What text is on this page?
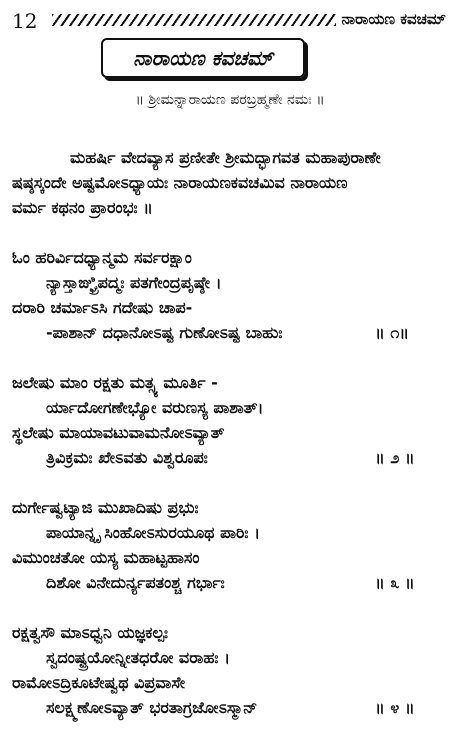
12	ನಾರಾಯಣ ಕವಚಮ್
ನಾರಾಯಣ ಕವಚಮ್
॥ ಶ್ರೀಮನ್ನಾರಾಯಣ ಪರಬ್ರಹ್ಮಣೇ ನಮಃ ॥
ಮಹರ್ಷಿ ವೇದವ್ಯಾಸ ಪ್ರಣೀತೇ ಶ್ರೀಮದ್ಭಾಗವತ ಮಹಾಪುರಾಣೇ
ಷಷ್ಠಸ್ಕಂದೇ ಅಷ್ಟಮೋಽಧ್ಯಾಯಃ ನಾರಾಯಣಕವಚಮಿವ ನಾರಾಯಣ
ವರ್ಮ ಕಥನಂ ಪ್ರಾರಂಭಃ ॥
ಓಂ ಹರಿರ್ವಿದಧ್ಯಾನ್ಮಮ ಸರ್ವರಕ್ಷಾಂ
ನ್ಯಾಸ್ತಾಙ್ಘ್ರಿಪದ್ಮಃ ಪತಗೇಂದ್ರಪೃಷ್ಠೇ ।
ದರಾರಿ ಚರ್ಮಾಽಸಿ ಗದೇಷು ಚಾಪ-
-ಪಾಶಾನ್ ದಧಾನೋಽಷ್ಟ ಗುಣೋಽಷ್ಟ ಬಾಹುಃ	॥ ೧॥
ಜಲೇಷು ಮಾಂ ರಕ್ಷತು ಮತ್ಸ್ಯ ಮೂರ್ತಿ -
ರ್ಯಾದೋಗಣೇಭ್ಯೋ ವರುಣಸ್ಯ ಪಾಶಾತ್।
ಸ್ಥಲೇಷು ಮಾಯಾವಟುವಾಮನೋಽವ್ಯಾತ್
ತ್ರಿವಿಕ್ರಮಃ ಖೇಽವತು ವಿಶ್ವರೂಪಃ	॥ ೨ ॥
ದುರ್ಗೇಷ್ವಟ್ಯಾಜಿ ಮುಖಾದಿಷು ಪ್ರಭುಃ
ಪಾಯಾನ್ನೃ ಸಿಂಹೋಽಸುರಯೂಥ ಪಾರಿಃ ।
ವಿಮುಂಚತೋ ಯಸ್ಯ ಮಹಾಟ್ಟಹಾಸಂ
ದಿಶೋ ವಿನೇದುರ್ನ್ಯಪತಂಶ್ಚ ಗರ್ಭಾಃ	॥ ೩ ॥
ರಕ್ಷತ್ವಸೌ ಮಾಽಧ್ವನಿ ಯಜ್ಞಕಲ್ಪಃ
ಸ್ವದಂಷ್ಟ್ರಯೋನ್ನೀತಧರೋ ವರಾಹಃ ।
ರಾಮೋಽದ್ರಿಕೂಟೇಷ್ವಥ ವಿಪ್ರವಾಸೇ
ಸಲಕ್ಷ್ಮಣೋಽವ್ಯಾತ್ ಭರತಾಗ್ರಜೋಽಸ್ಮಾನ್	॥ ೪ ॥
